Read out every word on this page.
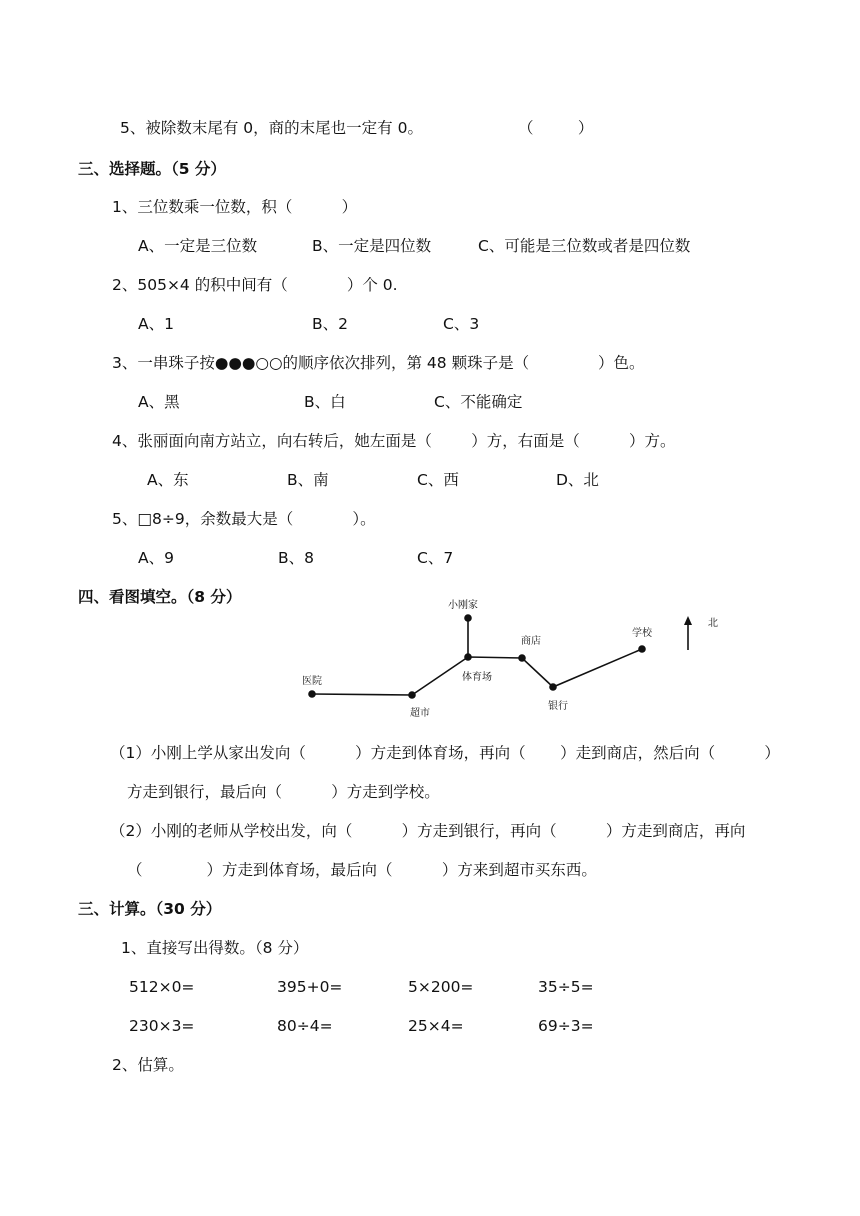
5、被除数末尾有 0，商的末尾也一定有 0。	（         ）
三、选择题。（5 分）
1、三位数乘一位数，积（          ）
A、一定是三位数	B、一定是四位数	C、可能是三位数或者是四位数
2、505×4 的积中间有（            ）个 0.
A、1	B、2	C、3
3、一串珠子按●●●○○的顺序依次排列，第 48 颗珠子是（              ）色。
A、黑	B、白	C、不能确定
4、张丽面向南方站立，向右转后，她左面是（        ）方，右面是（          ）方。
A、东	B、南	C、西	D、北
5、□8÷9，余数最大是（            ）。
A、9	B、8	C、7
四、看图填空。（8 分）	小刚家
商店
学校
北
医院	体育场
超市
银行
（1）小刚上学从家出发向（          ）方走到体育场，再向（       ）走到商店，然后向（          ）
方走到银行，最后向（          ）方走到学校。
（2）小刚的老师从学校出发，向（          ）方走到银行，再向（          ）方走到商店，再向
（             ）方走到体育场，最后向（          ）方来到超市买东西。
三、计算。（30 分）
1、直接写出得数。（8 分）
512×0=	395+0=	5×200=	35÷5=
230×3=	80÷4=	25×4=	69÷3=
2、估算。
